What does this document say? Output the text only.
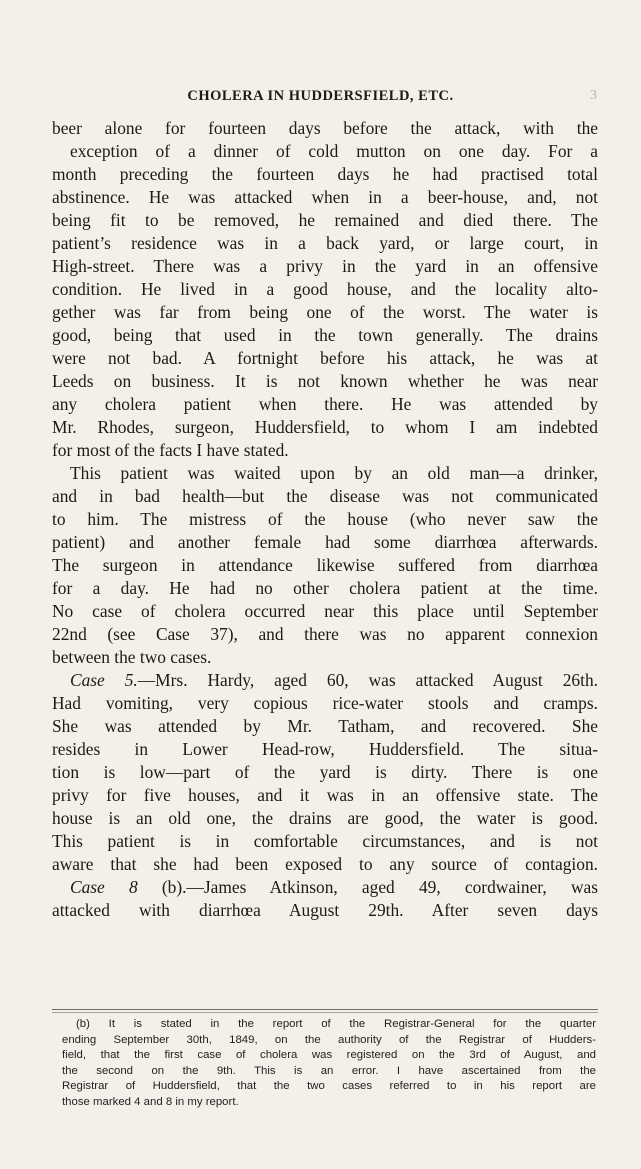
CHOLERA IN HUDDERSFIELD, ETC.	3
beer alone for fourteen days before the attack, with the
exception of a dinner of cold mutton on one day. For a
month preceding the fourteen days he had practised total
abstinence. He was attacked when in a beer-house, and, not
being fit to be removed, he remained and died there. The
patient’s residence was in a back yard, or large court, in
High-street. There was a privy in the yard in an offensive
condition. He lived in a good house, and the locality alto-
gether was far from being one of the worst. The water is
good, being that used in the town generally. The drains
were not bad. A fortnight before his attack, he was at
Leeds on business. It is not known whether he was near
any cholera patient when there. He was attended by
Mr. Rhodes, surgeon, Huddersfield, to whom I am indebted
for most of the facts I have stated.
This patient was waited upon by an old man—a drinker,
and in bad health—but the disease was not communicated
to him. The mistress of the house (who never saw the
patient) and another female had some diarrhœa afterwards.
The surgeon in attendance likewise suffered from diarrhœa
for a day. He had no other cholera patient at the time.
No case of cholera occurred near this place until September
22nd (see Case 37), and there was no apparent connexion
between the two cases.
Case 5.—Mrs. Hardy, aged 60, was attacked August 26th.
Had vomiting, very copious rice-water stools and cramps.
She was attended by Mr. Tatham, and recovered. She
resides in Lower Head-row, Huddersfield. The situa-
tion is low—part of the yard is dirty. There is one
privy for five houses, and it was in an offensive state. The
house is an old one, the drains are good, the water is good.
This patient is in comfortable circumstances, and is not
aware that she had been exposed to any source of contagion.
Case 8 (b).—James Atkinson, aged 49, cordwainer, was
attacked with diarrhœa August 29th. After seven days
(b) It is stated in the report of the Registrar-General for the quarter
ending September 30th, 1849, on the authority of the Registrar of Hudders-
field, that the first case of cholera was registered on the 3rd of August, and
the second on the 9th. This is an error. I have ascertained from the
Registrar of Huddersfield, that the two cases referred to in his report are
those marked 4 and 8 in my report.
